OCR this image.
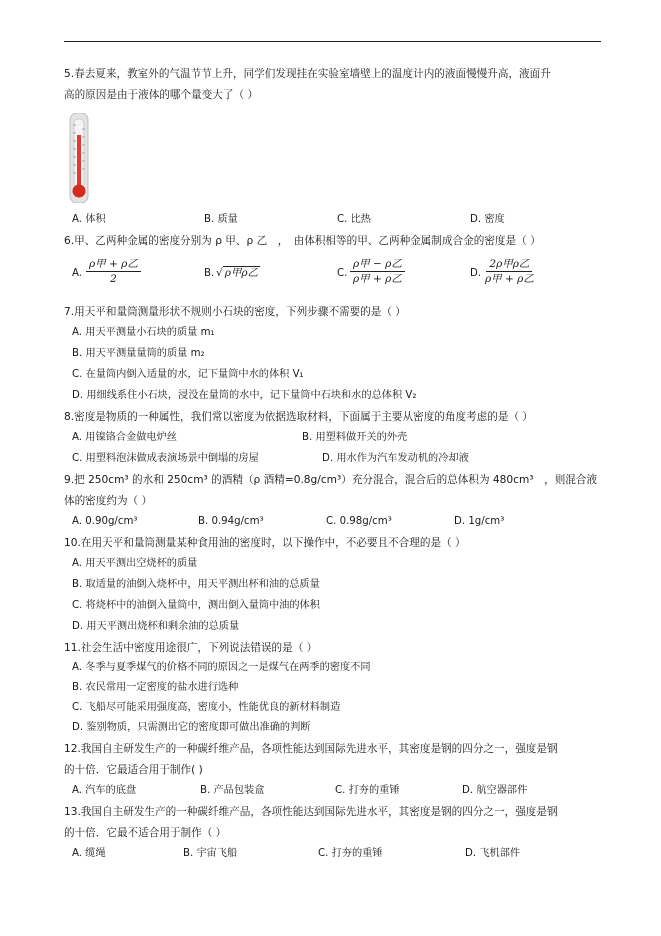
5.春去夏来，教室外的气温节节上升，同学们发现挂在实验室墙壁上的温度计内的液面慢慢升高，液面升
高的原因是由于液体的哪个量变大了（ ）
A. 体积	B. 质量	C. 比热	D. 密度
6.甲、乙两种金属的密度分别为 ρ 甲、ρ 乙　，　由体积相等的甲、乙两种金属制成合金的密度是（ ）
A.
ρ甲 + ρ乙
2	B. √ ρ甲ρ乙	C.
ρ甲 − ρ乙
ρ甲 + ρ乙	D.
2ρ甲ρ乙
ρ甲 + ρ乙
7.用天平和量筒测量形状不规则小石块的密度，下列步骤不需要的是（ ）
A. 用天平测量小石块的质量 m₁
B. 用天平测量量筒的质量 m₂
C. 在量筒内倒入适量的水，记下量筒中水的体积 V₁
D. 用细线系住小石块，浸没在量筒的水中，记下量筒中石块和水的总体积 V₂
8.密度是物质的一种属性，我们常以密度为依据选取材料，下面属于主要从密度的角度考虑的是（ ）
A. 用镍铬合金做电炉丝	B. 用塑料做开关的外壳
C. 用塑料泡沫做成表演场景中倒塌的房屋	D. 用水作为汽车发动机的冷却液
9.把 250cm³ 的水和 250cm³ 的酒精（ρ 酒精=0.8g/cm³）充分混合，混合后的总体积为 480cm³　，则混合液
体的密度约为（ ）
A. 0.90g/cm³	B. 0.94g/cm³	C. 0.98g/cm³	D. 1g/cm³
10.在用天平和量筒测量某种食用油的密度时，以下操作中，不必要且不合理的是（ ）
A. 用天平测出空烧杯的质量
B. 取适量的油倒入烧杯中，用天平测出杯和油的总质量
C. 将烧杯中的油倒入量筒中，测出倒入量筒中油的体积
D. 用天平测出烧杯和剩余油的总质量
11.社会生活中密度用途很广，下列说法错误的是（ ）
A. 冬季与夏季煤气的价格不同的原因之一是煤气在两季的密度不同
B. 农民常用一定密度的盐水进行选种
C. 飞船尽可能采用强度高，密度小，性能优良的新材料制造
D. 鉴别物质，只需测出它的密度即可做出准确的判断
12.我国自主研发生产的一种碳纤维产品，各项性能达到国际先进水平，其密度是钢的四分之一，强度是钢
的十倍．它最适合用于制作( )
A. 汽车的底盘	B. 产品包装盒	C. 打夯的重锤	D. 航空器部件
13.我国自主研发生产的一种碳纤维产品，各项性能达到国际先进水平，其密度是钢的四分之一，强度是钢
的十倍．它最不适合用于制作（ ）
A. 缆绳	B. 宇宙飞船	C. 打夯的重锤	D. 飞机部件
